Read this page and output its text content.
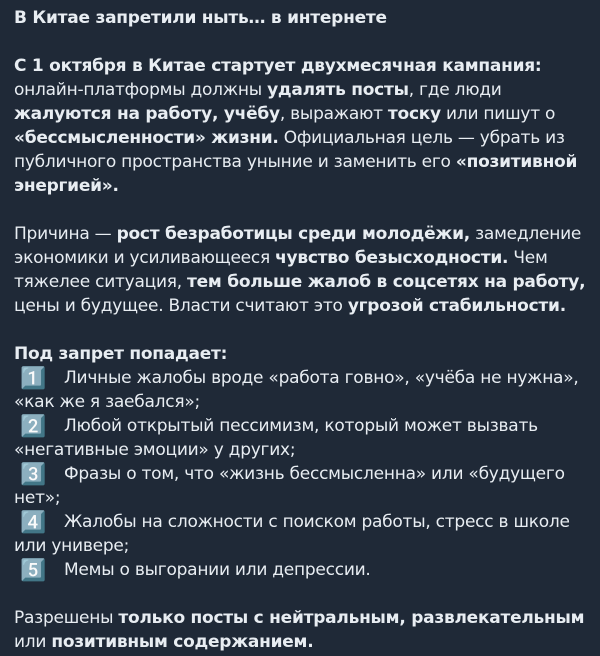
В Китае запретили ныть… в интернете

С 1 октября в Китае стартует двухмесячная кампания: онлайн-платформы должны удалять посты, где люди жалуются на работу, учёбу, выражают тоску или пишут о «бессмысленности» жизни. Официальная цель — убрать из публичного пространства уныние и заменить его «позитивной энергией».

Причина — рост безработицы среди молодёжи, замедление экономики и усиливающееся чувство безысходности. Чем тяжелее ситуация, тем больше жалоб в соцсетях на работу, цены и будущее. Власти считают это угрозой стабильности.

Под запрет попадает:

1️⃣ Личные жалобы вроде «работа говно», «учёба не нужна», «как же я заебался»;

2️⃣ Любой открытый пессимизм, который может вызвать «негативные эмоции» у других;

3️⃣ Фразы о том, что «жизнь бессмысленна» или «будущего нет»;

4️⃣ Жалобы на сложности с поиском работы, стресс в школе или универе;

5️⃣ Мемы о выгорании или депрессии.

Разрешены только посты с нейтральным, развлекательным или позитивным содержанием.
